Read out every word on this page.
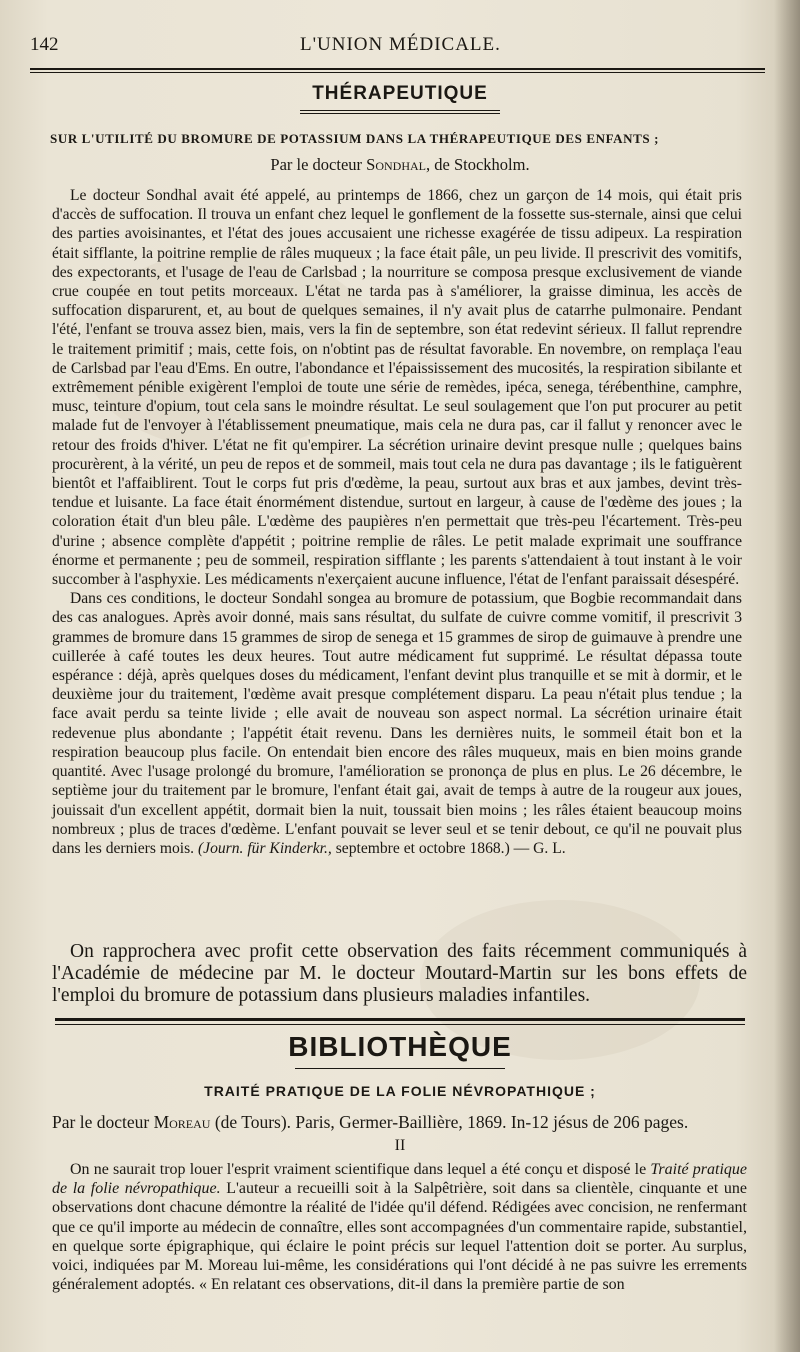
142	L'UNION MÉDICALE.
THÉRAPEUTIQUE
SUR L'UTILITÉ DU BROMURE DE POTASSIUM DANS LA THÉRAPEUTIQUE DES ENFANTS ;
Par le docteur Sondhal, de Stockholm.

Le docteur Sondhal avait été appelé, au printemps de 1866, chez un garçon de 14 mois, qui était pris d'accès de suffocation. Il trouva un enfant chez lequel le gonflement de la fossette sus-sternale, ainsi que celui des parties avoisinantes, et l'état des joues accusaient une richesse exagérée de tissu adipeux. La respiration était sifflante, la poitrine remplie de râles muqueux ; la face était pâle, un peu livide. Il prescrivit des vomitifs, des expectorants, et l'usage de l'eau de Carlsbad ; la nourriture se composa presque exclusivement de viande crue coupée en tout petits morceaux. L'état ne tarda pas à s'améliorer, la graisse diminua, les accès de suffocation disparurent, et, au bout de quelques semaines, il n'y avait plus de catarrhe pulmonaire. Pendant l'été, l'enfant se trouva assez bien, mais, vers la fin de septembre, son état redevint sérieux. Il fallut reprendre le traitement primitif ; mais, cette fois, on n'obtint pas de résultat favorable. En novembre, on remplaça l'eau de Carlsbad par l'eau d'Ems. En outre, l'abondance et l'épaississement des mucosités, la respiration sibilante et extrêmement pénible exigèrent l'emploi de toute une série de remèdes, ipéca, senega, térébenthine, camphre, musc, teinture d'opium, tout cela sans le moindre résultat. Le seul soulagement que l'on put procurer au petit malade fut de l'envoyer à l'établissement pneumatique, mais cela ne dura pas, car il fallut y renoncer avec le retour des froids d'hiver. L'état ne fit qu'empirer. La sécrétion urinaire devint presque nulle ; quelques bains procurèrent, à la vérité, un peu de repos et de sommeil, mais tout cela ne dura pas davantage ; ils le fatiguèrent bientôt et l'affaiblirent. Tout le corps fut pris d'œdème, la peau, surtout aux bras et aux jambes, devint très-tendue et luisante. La face était énormément distendue, surtout en largeur, à cause de l'œdème des joues ; la coloration était d'un bleu pâle. L'œdème des paupières n'en permettait que très-peu l'écartement. Très-peu d'urine ; absence complète d'appétit ; poitrine remplie de râles. Le petit malade exprimait une souffrance énorme et permanente ; peu de sommeil, respiration sifflante ; les parents s'attendaient à tout instant à le voir succomber à l'asphyxie. Les médicaments n'exerçaient aucune influence, l'état de l'enfant paraissait désespéré.

Dans ces conditions, le docteur Sondahl songea au bromure de potassium, que Bogbie recommandait dans des cas analogues. Après avoir donné, mais sans résultat, du sulfate de cuivre comme vomitif, il prescrivit 3 grammes de bromure dans 15 grammes de sirop de senega et 15 grammes de sirop de guimauve à prendre une cuillerée à café toutes les deux heures. Tout autre médicament fut supprimé. Le résultat dépassa toute espérance : déjà, après quelques doses du médicament, l'enfant devint plus tranquille et se mit à dormir, et le deuxième jour du traitement, l'œdème avait presque complétement disparu. La peau n'était plus tendue ; la face avait perdu sa teinte livide ; elle avait de nouveau son aspect normal. La sécrétion urinaire était redevenue plus abondante ; l'appétit était revenu. Dans les dernières nuits, le sommeil était bon et la respiration beaucoup plus facile. On entendait bien encore des râles muqueux, mais en bien moins grande quantité. Avec l'usage prolongé du bromure, l'amélioration se prononça de plus en plus. Le 26 décembre, le septième jour du traitement par le bromure, l'enfant était gai, avait de temps à autre de la rougeur aux joues, jouissait d'un excellent appétit, dormait bien la nuit, toussait bien moins ; les râles étaient beaucoup moins nombreux ; plus de traces d'œdème. L'enfant pouvait se lever seul et se tenir debout, ce qu'il ne pouvait plus dans les derniers mois. (Journ. für Kinderkr., septembre et octobre 1868.) — G. L.

On rapprochera avec profit cette observation des faits récemment communiqués à l'Académie de médecine par M. le docteur Moutard-Martin sur les bons effets de l'emploi du bromure de potassium dans plusieurs maladies infantiles.
BIBLIOTHÈQUE
TRAITÉ PRATIQUE DE LA FOLIE NÉVROPATHIQUE ;
Par le docteur Moreau (de Tours). Paris, Germer-Baillière, 1869. In-12 jésus de 206 pages.
II
On ne saurait trop louer l'esprit vraiment scientifique dans lequel a été conçu et disposé le Traité pratique de la folie névropathique. L'auteur a recueilli soit à la Salpêtrière, soit dans sa clientèle, cinquante et une observations dont chacune démontre la réalité de l'idée qu'il défend. Rédigées avec concision, ne renfermant que ce qu'il importe au médecin de connaître, elles sont accompagnées d'un commentaire rapide, substantiel, en quelque sorte épigraphique, qui éclaire le point précis sur lequel l'attention doit se porter. Au surplus, voici, indiquées par M. Moreau lui-même, les considérations qui l'ont décidé à ne pas suivre les errements généralement adoptés. « En relatant ces observations, dit-il dans la première partie de son
